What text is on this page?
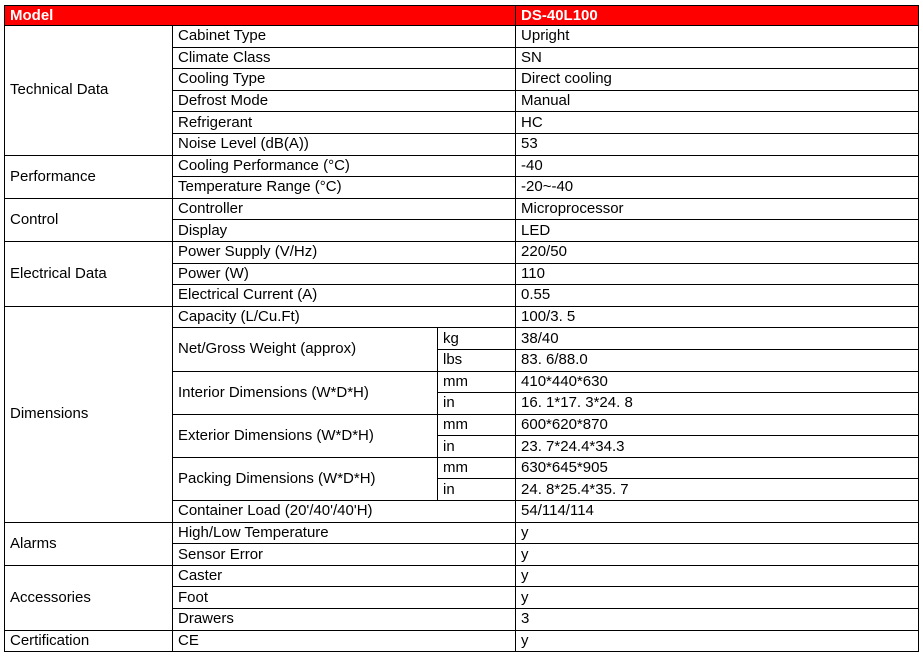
Model			DS-40L100
Technical Data	Cabinet Type		Upright
	Climate Class		SN
	Cooling Type		Direct cooling
	Defrost Mode		Manual
	Refrigerant		HC
	Noise Level (dB(A))		53
Performance	Cooling Performance (°C)		-40
	Temperature Range (°C)		-20~-40
Control	Controller		Microprocessor
	Display		LED
Electrical Data	Power Supply (V/Hz)		220/50
	Power (W)		110
	Electrical Current (A)		0.55
Dimensions	Capacity (L/Cu.Ft)		100/3. 5
	Net/Gross Weight (approx)	kg	38/40
		lbs	83. 6/88.0
	Interior Dimensions (W*D*H)	mm	410*440*630
		in	16. 1*17. 3*24. 8
	Exterior Dimensions (W*D*H)	mm	600*620*870
		in	23. 7*24.4*34.3
	Packing Dimensions (W*D*H)	mm	630*645*905
		in	24. 8*25.4*35. 7
	Container Load (20'/40'/40'H)		54/114/114
Alarms	High/Low Temperature		y
	Sensor Error		y
Accessories	Caster		y
	Foot		y
	Drawers		3
Certification	CE		y
